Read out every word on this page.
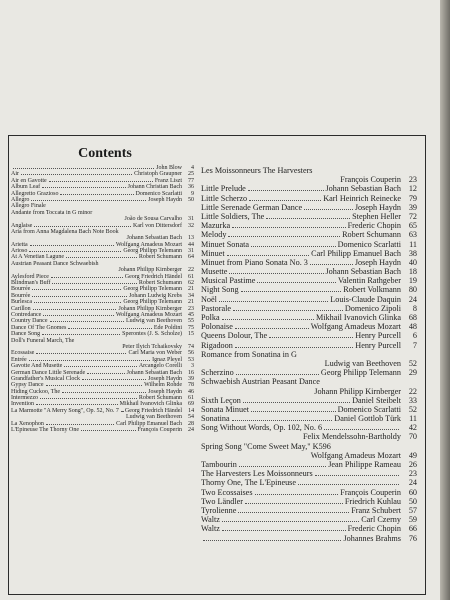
Contents
John Blow	4
Air	Christoph Graupner	25
Air en Gavotte	Franz Liszt	77
Album Leaf	Johann Christian Bach	36
Allegretto Grazioso	Domenico Scarlatti	9
Allegro	Joseph Haydn	50
Allegro Finale
Andante from Toccata in G minor
João de Sousa Carvalho	31
Anglaise	Karl von Dittersdorf	32
Aria from Anna Magdalena Bach Note Book
Johann Sebastian Bach	13
Arietta	Wolfgang Amadeus Mozart	44
Arioso	Georg Philipp Telemann	31
At A Venetian Lagune	Robert Schumann	64
Austrian Peasant Dance Schwaebish
Johann Philipp Kirnberger	22
Aylesford Piece	Georg Friedrich Händel	61
Blindman's Buff	Robert Schumann	62
Bourrée	Georg Philipp Telemann	21
Bourrée	Johann Ludwig Krebs	34
Burlesca	Georg Philipp Telemann	21
Carillon	Johann Philipp Kirnberger	23
Contredance	Wolfgang Amadeus Mozart	45
Country Dance	Ludwig van Beethoven	55
Dance Of The Gnomes	Ede Poldini	75
Dance Song	Sperontes (J. S. Scholze)	15
Doll's Funeral March, The
Peter Ilyich Tchaikovsky	74
Ecossaise	Carl Maria von Weber	56
Entrée	Ignaz Pleyel	53
Gavotte And Musette	Arcangelo Corelli	3
German Dance Little Serenade	Johann Sebastian Bach	16
Grandfather's Musical Clock	Joseph Haydn	39
Gypsy Dance	Wilhelm Rohde	78
Hiding Cuckoo, The	Joseph Haydn	46
Intermezzo	Robert Schumann	61
Invention	Mikhail Ivanovich Glinka	69
La Marmotte "A Merry Song", Op. 52, No. 7 Georg Friedrich Händel	14
Ludwig van Beethoven	54
La Xenophon	Carl Philipp Emanuel Bach	28
L'Epineuse The Thorny One	François Couperin	24
Les Moissonneurs The Harvesters
François Couperin 23
Little Prelude	Johann Sebastian Bach 12
Little Scherzo	Karl Heinrich Reinecke 79
Little Serenade German Dance	Joseph Haydn 39
Little Soldiers, The	Stephen Heller 72
Mazurka	Frederic Chopin 65
Melody	Robert Schumann 63
Minuet Sonata	Domenico Scarlatti 11
Minuet	Carl Philipp Emanuel Bach 38
Minuet from Piano Sonata No. 3	Joseph Haydn 40
Musette	Johann Sebastian Bach 18
Musical Pastime	Valentin Rathgeber 19
Night Song	Robert Volkmann 80
Noël	Louis-Claude Daquin 24
Pastorale	Domenico Zipoli	8
Polka	Mikhail Ivanovich Glinka 68
Polonaise	Wolfgang Amadeus Mozart 48
Queens Dolour, The	Henry Purcell	6
Rigadoon	Henry Purcell	7
Romance from Sonatina in G
Ludwig van Beethoven 52
Scherzino	Georg Philipp Telemann 29
Schwaebish Austrian Peasant Dance
Johann Philipp Kirnberger 22
Sixth Leçon	Daniel Steibelt 33
Sonata Minuet	Domenico Scarlatti 52
Sonatina	Daniel Gottlob Türk 11
Song Without Words, Op. 102, No. 6	42
Felix Mendelssohn-Bartholdy 70
Spring Song "Come Sweet May," K596
Wolfgang Amadeus Mozart 49
Tambourin	Jean Philippe Rameau 26
The Harvesters Les Moissonneurs	23
Thorny One, The L'Epineuse	24
Two Ecossaises	François Couperin 60
Two Ländler	Friedrich Kuhlau 50
Tyrolienne	Franz Schubert 57
Waltz	Carl Czerny 59
Waltz	Frederic Chopin 66
Johannes Brahms 76
